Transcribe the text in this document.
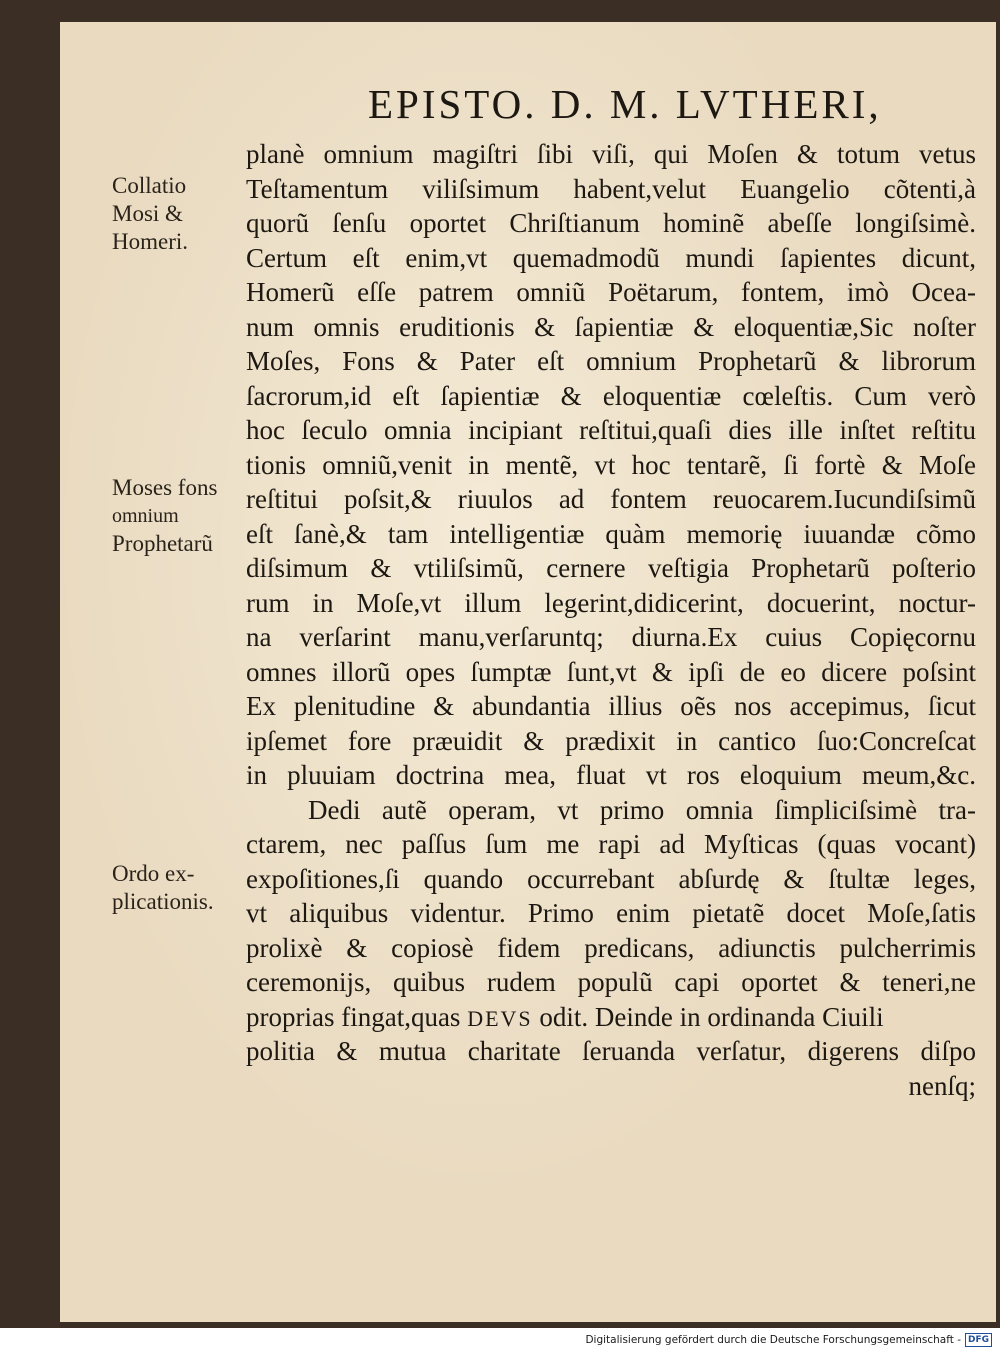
EPISTO. D. M. LVTHERI,
Collatio
Mosi &
Homeri.
Moses fons
omnium
Prophetarũ
Ordo ex-
plicationis.
planè omnium magiſtri ſibi viſi, qui Moſen & totum vetus
Teſtamentum viliſsimum habent,velut Euangelio cõtenti,à
quorũ ſenſu oportet Chriſtianum hominẽ abeſſe longiſsimè.
Certum eſt enim,vt quemadmodũ mundi ſapientes dicunt,
Homerũ eſſe patrem omniũ Poëtarum, fontem, imò Ocea-
num omnis eruditionis & ſapientiæ & eloquentiæ,Sic noſter
Moſes, Fons & Pater eſt omnium Prophetarũ & librorum
ſacrorum,id eſt ſapientiæ & eloquentiæ cœleſtis. Cum verò
hoc ſeculo omnia incipiant reſtitui,quaſi dies ille inſtet reſtitu
tionis omniũ,venit in mentẽ, vt hoc tentarẽ, ſi fortè & Moſe
reſtitui poſsit,& riuulos ad fontem reuocarem.Iucundiſsimũ
eſt ſanè,& tam intelligentiæ quàm memorię iuuandæ cõmo
diſsimum & vtiliſsimũ, cernere veſtigia Prophetarũ poſterio
rum in Moſe,vt illum legerint,didicerint, docuerint, noctur-
na verſarint manu,verſaruntq; diurna.Ex cuius Copięcornu
omnes illorũ opes ſumptæ ſunt,vt & ipſi de eo dicere poſsint
Ex plenitudine & abundantia illius oẽs nos accepimus, ſicut
ipſemet fore præuidit & prædixit in cantico ſuo:Concreſcat
in pluuiam doctrina mea, fluat vt ros eloquium meum,&c.
Dedi autẽ operam, vt primo omnia ſimpliciſsimè tra-
ctarem, nec paſſus ſum me rapi ad Myſticas (quas vocant)
expoſitiones,ſi quando occurrebant abſurdę & ſtultæ leges,
vt aliquibus videntur. Primo enim pietatẽ docet Moſe,ſatis
prolixè & copiosè fidem predicans, adiunctis pulcherrimis
ceremonijs, quibus rudem populũ capi oportet & teneri,ne
proprias fingat,quas DEVS odit. Deinde in ordinanda Ciuili
politia & mutua charitate ſeruanda verſatur, digerens diſpo
nenſq;
Digitalisierung gefördert durch die Deutsche Forschungsgemeinschaft - DFG
